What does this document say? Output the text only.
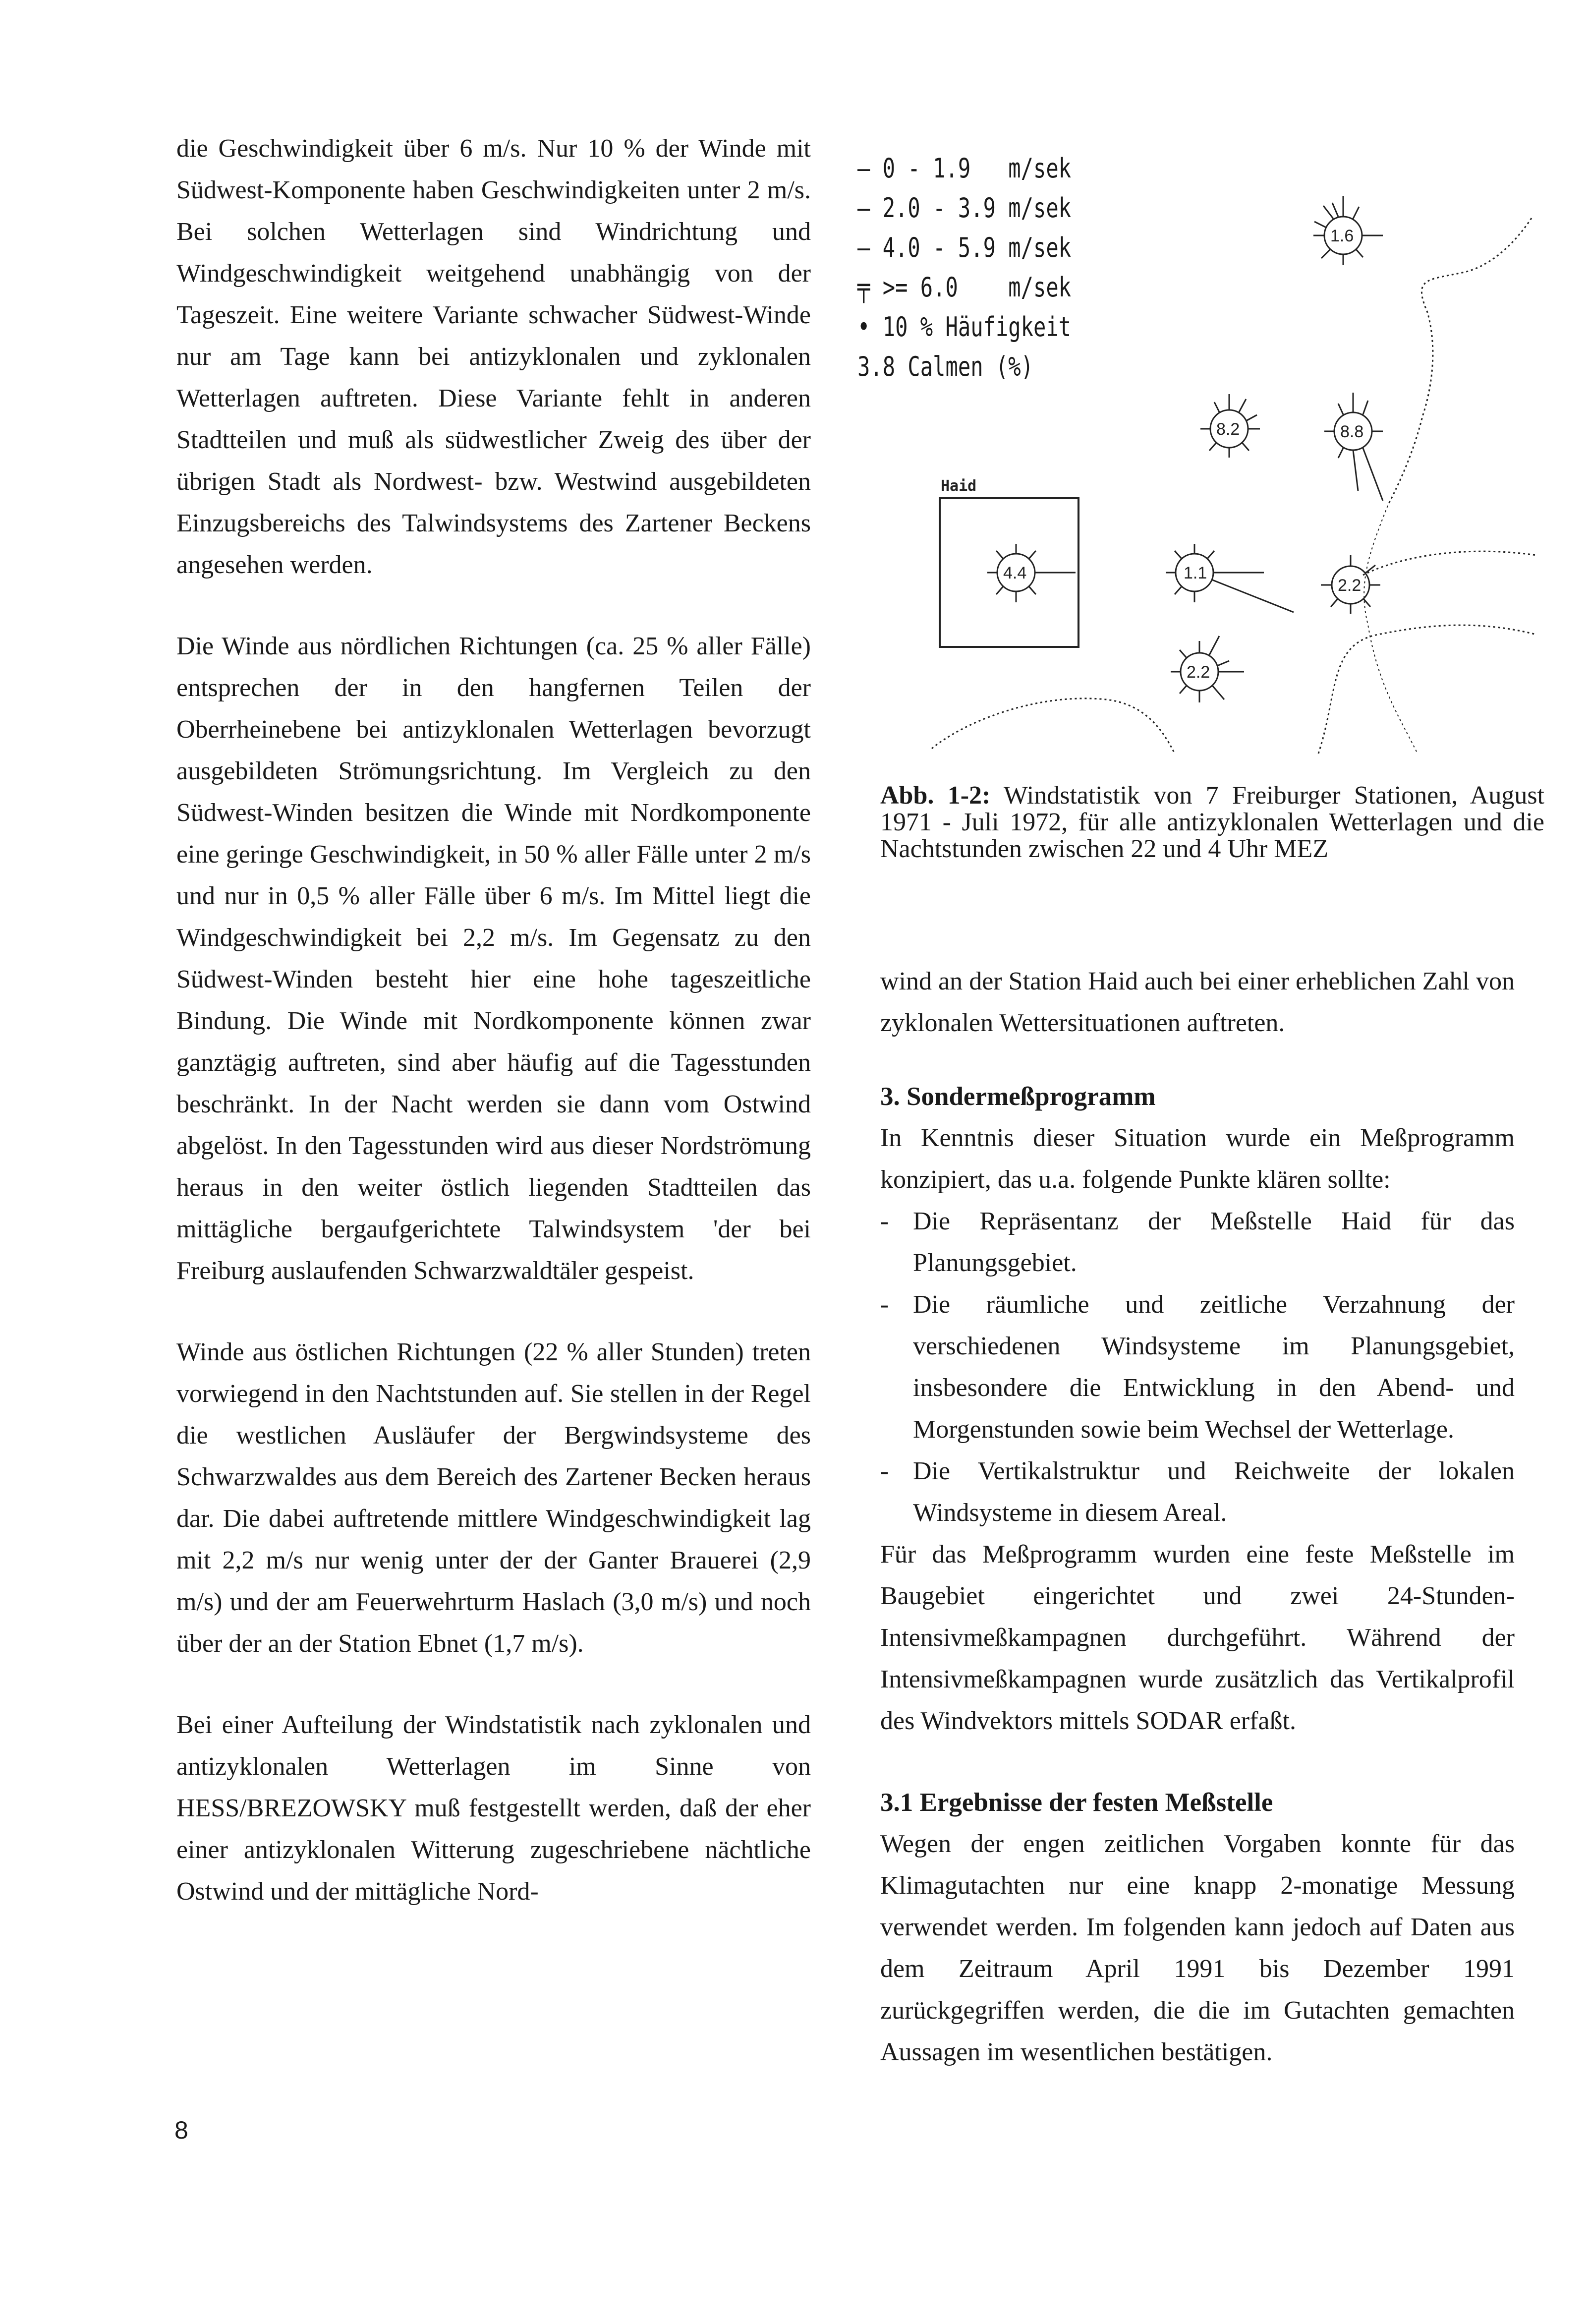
die Geschwindigkeit über 6 m/s. Nur 10 % der Winde mit Südwest-Komponente haben Geschwindigkeiten unter 2 m/s. Bei solchen Wetterlagen sind Windrichtung und Windgeschwindigkeit weitgehend unabhängig von der Tageszeit. Eine weitere Variante schwacher Südwest-Winde nur am Tage kann bei antizyklonalen und zyklonalen Wetterlagen auftreten. Diese Variante fehlt in anderen Stadtteilen und muß als südwestlicher Zweig des über der übrigen Stadt als Nordwest- bzw. Westwind ausgebildeten Einzugsbereichs des Talwindsystems des Zartener Beckens angesehen werden.

Die Winde aus nördlichen Richtungen (ca. 25 % aller Fälle) entsprechen der in den hangfernen Teilen der Oberrheinebene bei antizyklonalen Wetterlagen bevorzugt ausgebildeten Strömungsrichtung. Im Vergleich zu den Südwest-Winden besitzen die Winde mit Nordkomponente eine geringe Geschwindigkeit, in 50 % aller Fälle unter 2 m/s und nur in 0,5 % aller Fälle über 6 m/s. Im Mittel liegt die Windgeschwindigkeit bei 2,2 m/s. Im Gegensatz zu den Südwest-Winden besteht hier eine hohe tageszeitliche Bindung. Die Winde mit Nordkomponente können zwar ganztägig auftreten, sind aber häufig auf die Tagesstunden beschränkt. In der Nacht werden sie dann vom Ostwind abgelöst. In den Tagesstunden wird aus dieser Nordströmung heraus in den weiter östlich liegenden Stadtteilen das mittägliche bergaufgerichtete Talwindsystem 'der bei Freiburg auslaufenden Schwarzwaldtäler gespeist.

Winde aus östlichen Richtungen (22 % aller Stunden) treten vorwiegend in den Nachtstunden auf. Sie stellen in der Regel die westlichen Ausläufer der Bergwindsysteme des Schwarzwaldes aus dem Bereich des Zartener Becken heraus dar. Die dabei auftretende mittlere Windgeschwindigkeit lag mit 2,2 m/s nur wenig unter der der Ganter Brauerei (2,9 m/s) und der am Feuerwehrturm Haslach (3,0 m/s) und noch über der an der Station Ebnet (1,7 m/s).

Bei einer Aufteilung der Windstatistik nach zyklonalen und antizyklonalen Wetterlagen im Sinne von HESS/BREZOWSKY muß festgestellt werden, daß der eher einer antizyklonalen Witterung zugeschriebene nächtliche Ostwind und der mittägliche Nord-

— 0 - 1.9   m/sek
— 2.0 - 3.9 m/sek
— 4.0 - 5.9 m/sek
╤ >= 6.0    m/sek
• 10 % Häufigkeit
3.8 Calmen (%)
Haid
1.6
8.2	8.8
4.4	1.1
2.2
2.2
Abb. 1-2: Windstatistik von 7 Freiburger Stationen, August 1971 - Juli 1972, für alle antizyklonalen Wetterlagen und die Nachtstunden zwischen 22 und 4 Uhr MEZ

wind an der Station Haid auch bei einer erheblichen Zahl von zyklonalen Wettersituationen auftreten.

3. Sondermeßprogramm

In Kenntnis dieser Situation wurde ein Meßprogramm konzipiert, das u.a. folgende Punkte klären sollte:

- Die Repräsentanz der Meßstelle Haid für das Planungsgebiet.
- Die räumliche und zeitliche Verzahnung der verschiedenen Windsysteme im Planungsgebiet, insbesondere die Entwicklung in den Abend- und Morgenstunden sowie beim Wechsel der Wetterlage.
- Die Vertikalstruktur und Reichweite der lokalen Windsysteme in diesem Areal.

Für das Meßprogramm wurden eine feste Meßstelle im Baugebiet eingerichtet und zwei 24-Stunden-Intensivmeßkampagnen durchgeführt. Während der Intensivmeßkampagnen wurde zusätzlich das Vertikalprofil des Windvektors mittels SODAR erfaßt.

3.1 Ergebnisse der festen Meßstelle

Wegen der engen zeitlichen Vorgaben konnte für das Klimagutachten nur eine knapp 2-monatige Messung verwendet werden. Im folgenden kann jedoch auf Daten aus dem Zeitraum April 1991 bis Dezember 1991 zurückgegriffen werden, die die im Gutachten gemachten Aussagen im wesentlichen bestätigen.

8
